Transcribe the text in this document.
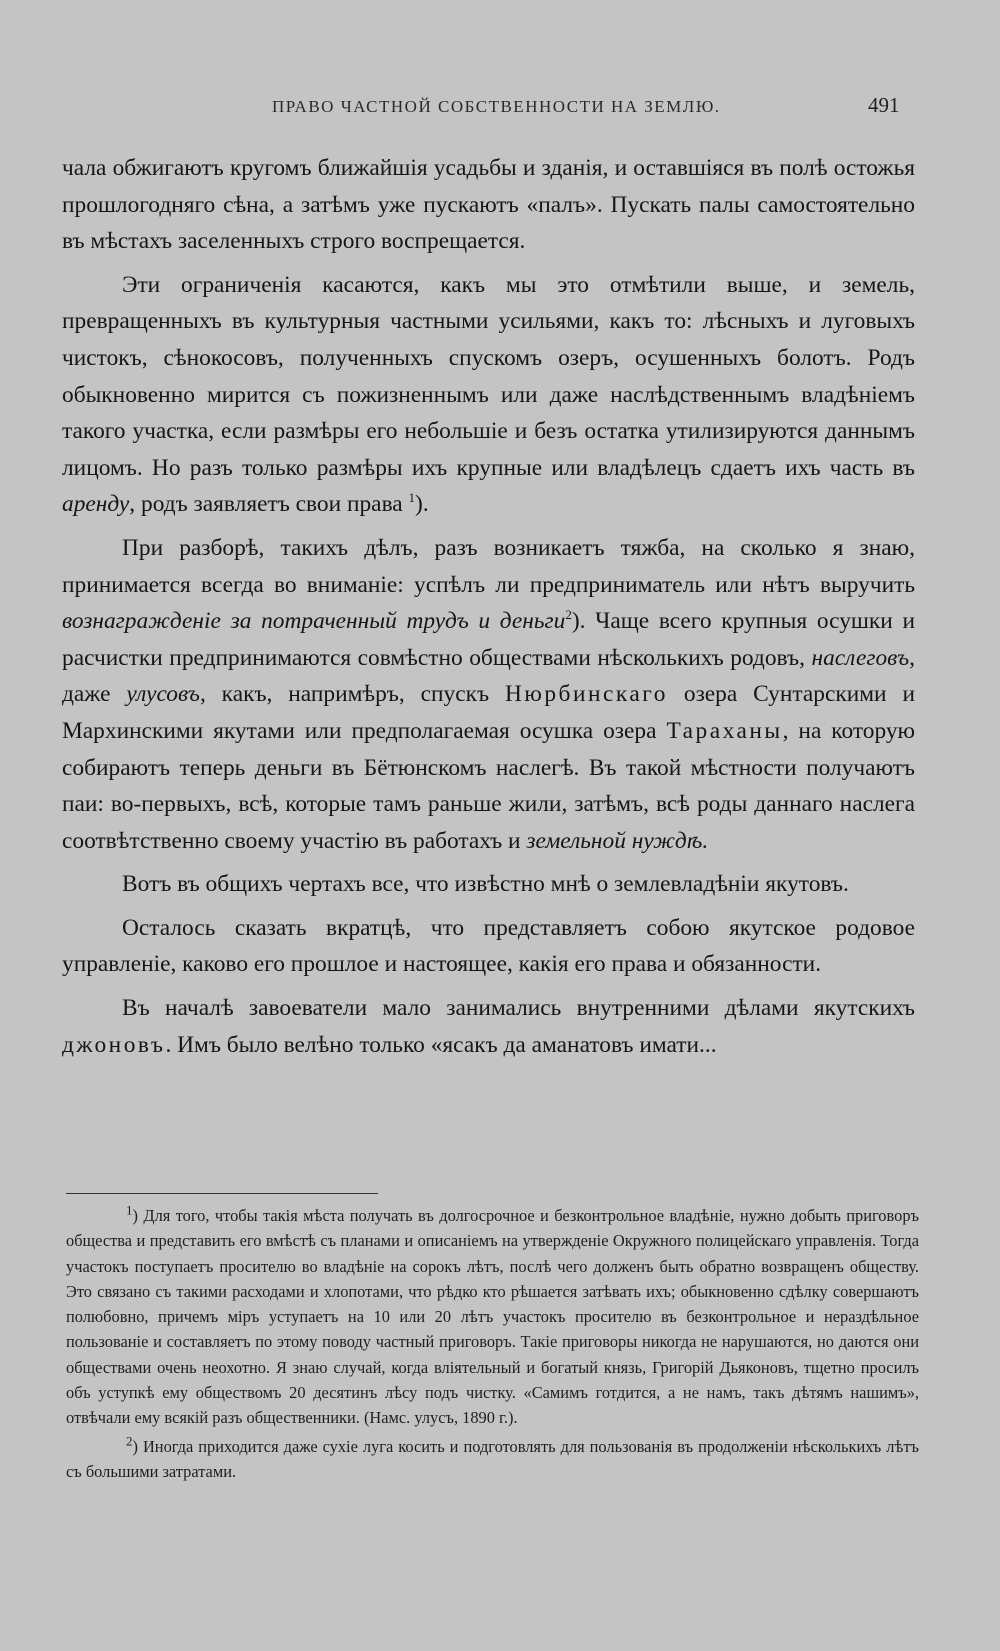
ПРАВО ЧАСТНОЙ СОБСТВЕННОСТИ НА ЗЕМЛЮ.	491

чала обжигаютъ кругомъ ближайшія усадьбы и зданія, и оставшіяся въ полѣ остожья прошлогодняго сѣна, а затѣмъ уже пускаютъ «палъ». Пускать палы самостоятельно въ мѣстахъ заселенныхъ строго воспрещается.

Эти ограниченія касаются, какъ мы это отмѣтили выше, и земель, превращенныхъ въ культурныя частными усильями, какъ то: лѣсныхъ и луговыхъ чистокъ, сѣнокосовъ, полученныхъ спускомъ озеръ, осушенныхъ болотъ. Родъ обыкновенно мирится съ пожизненнымъ или даже наслѣдственнымъ владѣніемъ такого участка, если размѣры его небольшіе и безъ остатка утилизируются даннымъ лицомъ. Но разъ только размѣры ихъ крупные или владѣлецъ сдаетъ ихъ часть въ аренду, родъ заявляетъ свои права $^1$).

При разборѣ, такихъ дѣлъ, разъ возникаетъ тяжба, на сколько я знаю, принимается всегда во вниманіе: успѣлъ ли предприниматель или нѣтъ выручить вознагражденіе за потраченный трудъ и деньги$^2$). Чаще всего крупныя осушки и расчистки предпринимаются совмѣстно обществами нѣсколькихъ родовъ, наслеговъ, даже улусовъ, какъ, напримѣръ, спускъ Нюрбинскаго озера Сунтарскими и Мархинскими якутами или предполагаемая осушка озера Тараханы, на которую собираютъ теперь деньги въ Бётюнскомъ наслегѣ. Въ такой мѣстности получаютъ паи: во-первыхъ, всѣ, которые тамъ раньше жили, затѣмъ, всѣ роды даннаго наслега соотвѣтственно своему участію въ работахъ и земельной нуждѣ.

Вотъ въ общихъ чертахъ все, что извѣстно мнѣ о землевладѣніи якутовъ.

Осталось сказать вкратцѣ, что представляетъ собою якутское родовое управленіе, каково его прошлое и настоящее, какія его права и обязанности.

Въ началѣ завоеватели мало занимались внутренними дѣлами якутскихъ джоновъ. Имъ было велѣно только «ясакъ да аманатовъ имати...

$^1$) Для того, чтобы такія мѣста получать въ долгосрочное и безконтрольное владѣніе, нужно добыть приговоръ общества и представить его вмѣстѣ съ планами и описаніемъ на утвержденіе Окружного полицейскаго управленія. Тогда участокъ поступаетъ просителю во владѣніе на сорокъ лѣтъ, послѣ чего долженъ быть обратно возвращенъ обществу. Это связано съ такими расходами и хлопотами, что рѣдко кто рѣшается затѣвать ихъ; обыкновенно сдѣлку совершаютъ полюбовно, причемъ міръ уступаетъ на 10 или 20 лѣтъ участокъ просителю въ безконтрольное и нераздѣльное пользованіе и составляетъ по этому поводу частный приговоръ. Такіе приговоры никогда не нарушаются, но даются они обществами очень неохотно. Я знаю случай, когда вліятельный и богатый князь, Григорій Дьяконовъ, тщетно просилъ объ уступкѣ ему обществомъ 20 десятинъ лѣсу подъ чистку. «Самимъ готдится, а не намъ, такъ дѣтямъ нашимъ», отвѣчали ему всякій разъ общественники. (Намс. улусъ, 1890 г.).

$^2$) Иногда приходится даже сухіе луга косить и подготовлять для пользованія въ продолженіи нѣсколькихъ лѣтъ съ большими затратами.
